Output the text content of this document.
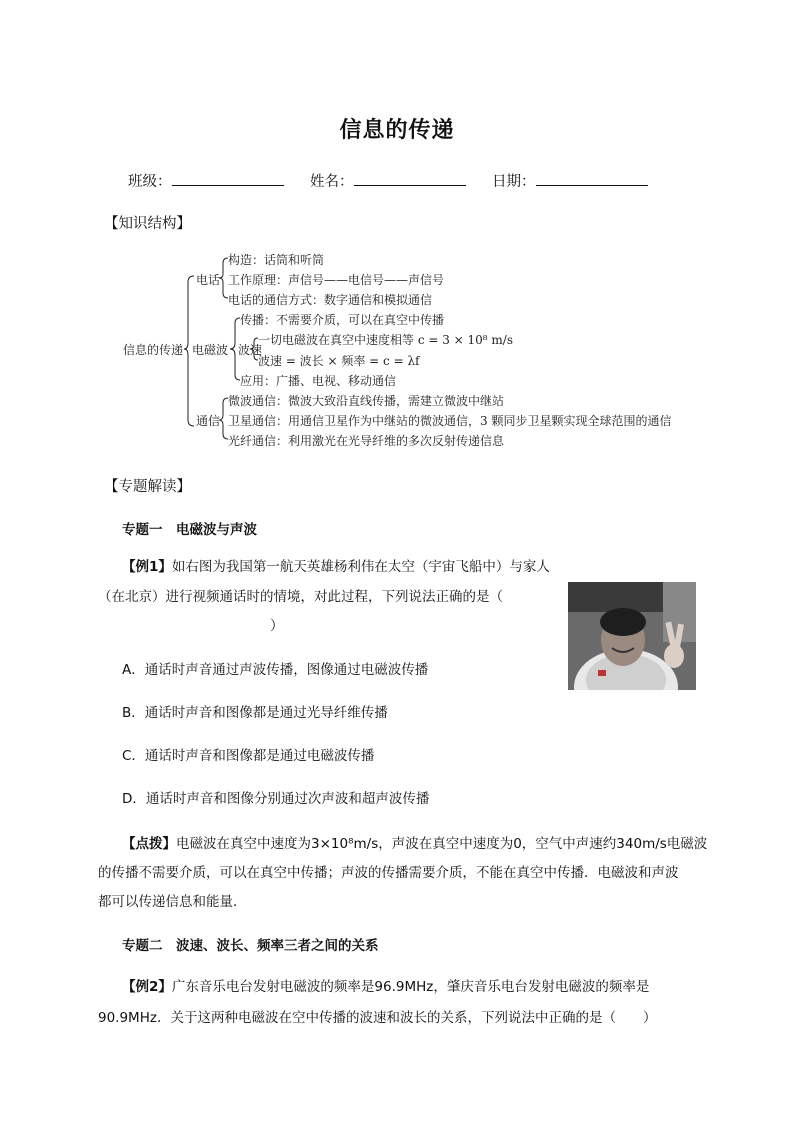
信息的传递
班级：	姓名：	日期：
【知识结构】
信息的传递
电话
构造：话筒和听筒
工作原理：声信号——电信号——声信号
电话的通信方式：数字通信和模拟通信
电磁波
传播：不需要介质，可以在真空中传播
波速
一切电磁波在真空中速度相等 c = 3 × 10⁸ m/s
波速 = 波长 × 频率 = c = λf
应用：广播、电视、移动通信
通信
微波通信：微波大致沿直线传播，需建立微波中继站
卫星通信：用通信卫星作为中继站的微波通信，3 颗同步卫星颗实现全球范围的通信
光纤通信：利用激光在光导纤维的多次反射传递信息
【专题解读】
专题一　电磁波与声波
【例1】如右图为我国第一航天英雄杨利伟在太空（宇宙飞船中）与家人
（在北京）进行视频通话时的情境，对此过程，下列说法正确的是（
）
A．通话时声音通过声波传播，图像通过电磁波传播
B．通话时声音和图像都是通过光导纤维传播
C．通话时声音和图像都是通过电磁波传播
D．通话时声音和图像分别通过次声波和超声波传播
【点拨】电磁波在真空中速度为3×10⁸m/s，声波在真空中速度为0，空气中声速约340m/s电磁波
的传播不需要介质，可以在真空中传播；声波的传播需要介质，不能在真空中传播．电磁波和声波
都可以传递信息和能量．
专题二　波速、波长、频率三者之间的关系
【例2】广东音乐电台发射电磁波的频率是96.9MHz，肇庆音乐电台发射电磁波的频率是
90.9MHz．关于这两种电磁波在空中传播的波速和波长的关系，下列说法中正确的是（　　）
